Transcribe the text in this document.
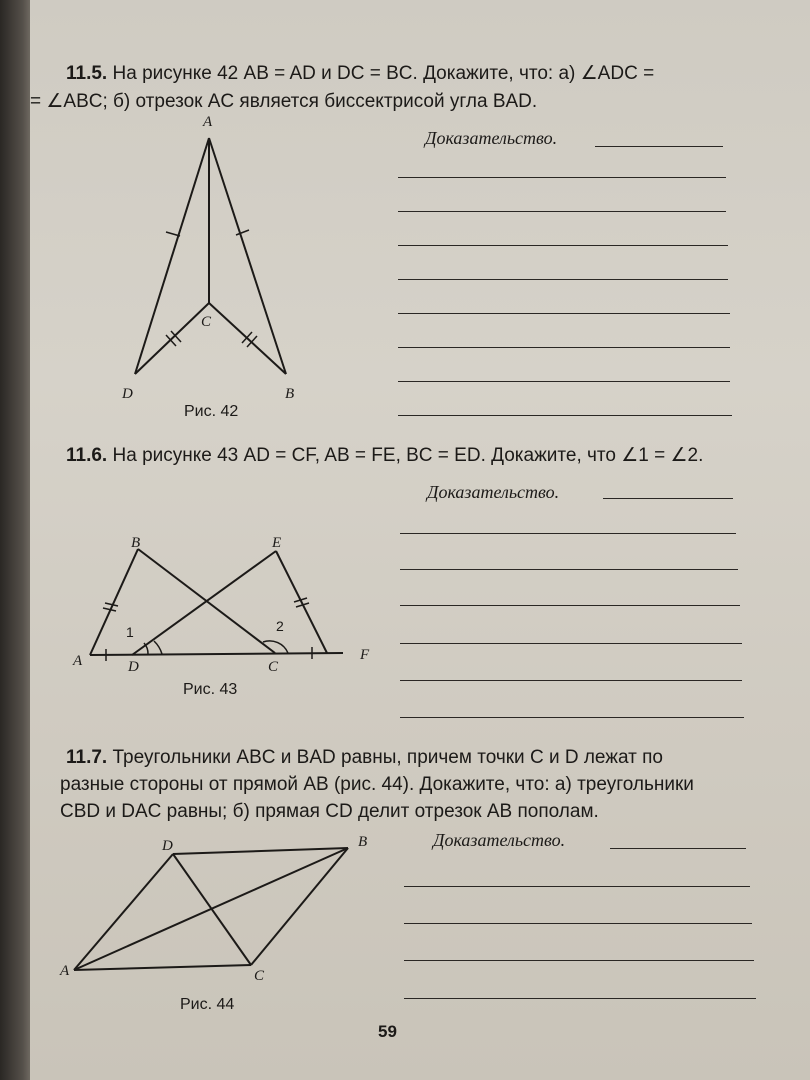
11.5. На рисунке 42 AB = AD и DC = BC. Докажите, что: а) ∠ADC =
= ∠ABC; б) отрезок AC является биссектрисой угла BAD.
Доказательство.
A
C
D	B
Рис. 42
11.6. На рисунке 43 AD = CF, AB = FE, BC = ED. Докажите, что ∠1 = ∠2.
Доказательство.
B	E
A	D	C
F
1	2
Рис. 43
11.7. Треугольники ABC и BAD равны, причем точки C и D лежат по
разные стороны от прямой AB (рис. 44). Докажите, что: а) треугольники
CBD и DAC равны; б) прямая CD делит отрезок AB пополам.
Доказательство.
D	B
A	C
Рис. 44
59
